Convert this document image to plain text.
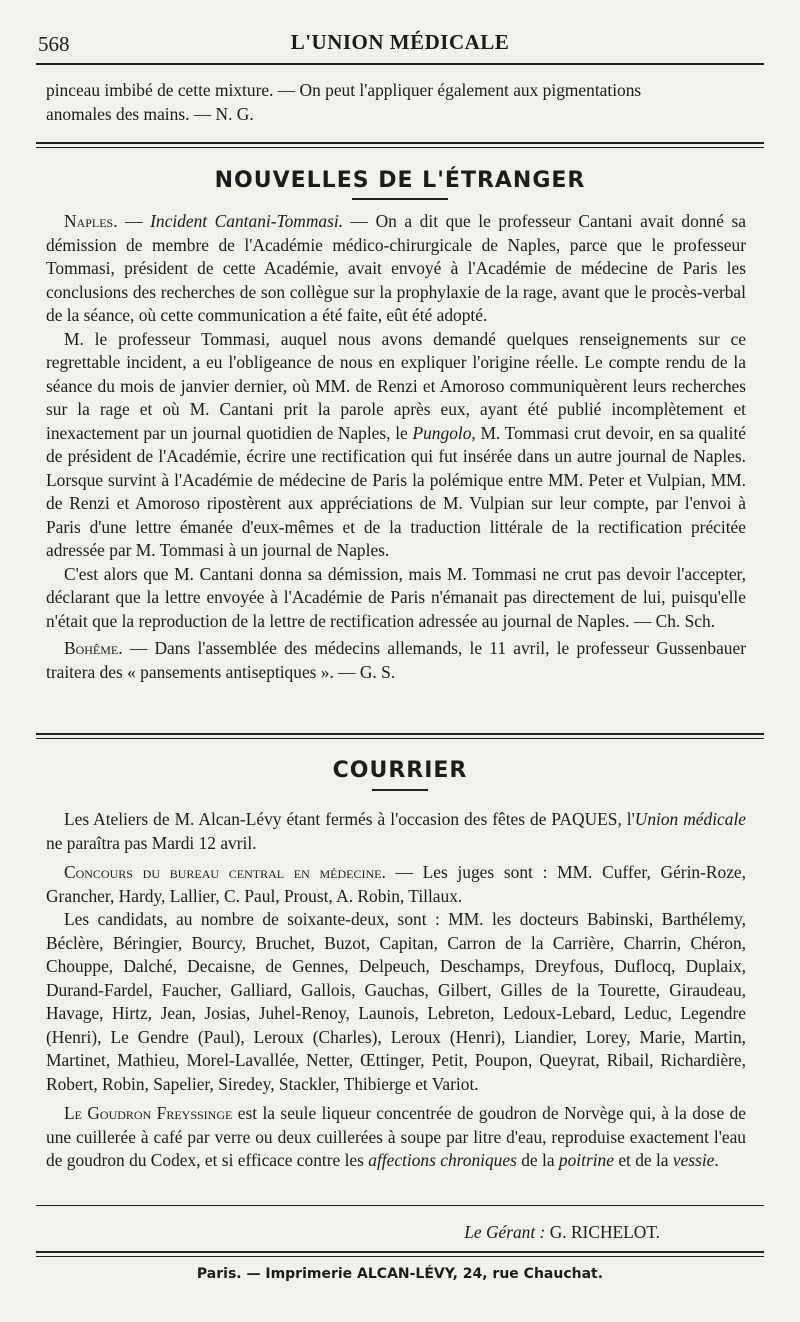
568	L'UNION MÉDICALE

pinceau imbibé de cette mixture. — On peut l'appliquer également aux pigmentations

anomales des mains. — N. G.

NOUVELLES DE L'ÉTRANGER

Naples. — Incident Cantani-Tommasi. — On a dit que le professeur Cantani avait donné sa démission de membre de l'Académie médico-chirurgicale de Naples, parce que le professeur Tommasi, président de cette Académie, avait envoyé à l'Académie de médecine de Paris les conclusions des recherches de son collègue sur la prophylaxie de la rage, avant que le procès-verbal de la séance, où cette communication a été faite, eût été adopté.

M. le professeur Tommasi, auquel nous avons demandé quelques renseignements sur ce regrettable incident, a eu l'obligeance de nous en expliquer l'origine réelle. Le compte rendu de la séance du mois de janvier dernier, où MM. de Renzi et Amoroso communiquèrent leurs recherches sur la rage et où M. Cantani prit la parole après eux, ayant été publié incomplètement et inexactement par un journal quotidien de Naples, le Pungolo, M. Tommasi crut devoir, en sa qualité de président de l'Académie, écrire une rectification qui fut insérée dans un autre journal de Naples. Lorsque survint à l'Académie de médecine de Paris la polémique entre MM. Peter et Vulpian, MM. de Renzi et Amoroso ripostèrent aux appréciations de M. Vulpian sur leur compte, par l'envoi à Paris d'une lettre émanée d'eux-mêmes et de la traduction littérale de la rectification précitée adressée par M. Tommasi à un journal de Naples.

C'est alors que M. Cantani donna sa démission, mais M. Tommasi ne crut pas devoir l'accepter, déclarant que la lettre envoyée à l'Académie de Paris n'émanait pas directement de lui, puisqu'elle n'était que la reproduction de la lettre de rectification adressée au journal de Naples. — Ch. Sch.

Bohême. — Dans l'assemblée des médecins allemands, le 11 avril, le professeur Gussenbauer traitera des « pansements antiseptiques ». — G. S.

COURRIER

Les Ateliers de M. Alcan-Lévy étant fermés à l'occasion des fêtes de PAQUES, l'Union médicale ne paraîtra pas Mardi 12 avril.

Concours du bureau central en médecine. — Les juges sont : MM. Cuffer, Gérin-Roze, Grancher, Hardy, Lallier, C. Paul, Proust, A. Robin, Tillaux.

Les candidats, au nombre de soixante-deux, sont : MM. les docteurs Babinski, Barthélemy, Béclère, Béringier, Bourcy, Bruchet, Buzot, Capitan, Carron de la Carrière, Charrin, Chéron, Chouppe, Dalché, Decaisne, de Gennes, Delpeuch, Deschamps, Dreyfous, Duflocq, Duplaix, Durand-Fardel, Faucher, Galliard, Gallois, Gauchas, Gilbert, Gilles de la Tourette, Giraudeau, Havage, Hirtz, Jean, Josias, Juhel-Renoy, Launois, Lebreton, Ledoux-Lebard, Leduc, Legendre (Henri), Le Gendre (Paul), Leroux (Charles), Leroux (Henri), Liandier, Lorey, Marie, Martin, Martinet, Mathieu, Morel-Lavallée, Netter, Œttinger, Petit, Poupon, Queyrat, Ribail, Richardière, Robert, Robin, Sapelier, Siredey, Stackler, Thibierge et Variot.

Le Goudron Freyssinge est la seule liqueur concentrée de goudron de Norvège qui, à la dose de une cuillerée à café par verre ou deux cuillerées à soupe par litre d'eau, reproduise exactement l'eau de goudron du Codex, et si efficace contre les affections chroniques de la poitrine et de la vessie.

Le Gérant : G. RICHELOT.
Paris. — Imprimerie ALCAN-LÉVY, 24, rue Chauchat.
